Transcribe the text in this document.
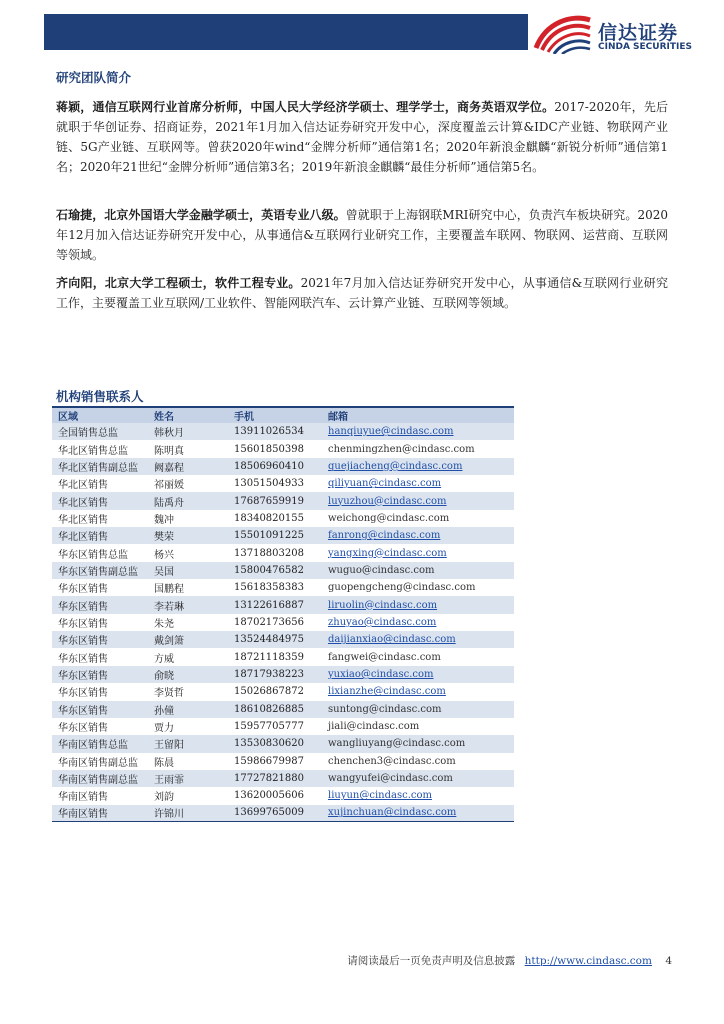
信达证券
CINDA SECURITIES
研究团队简介

蒋颖，通信互联网行业首席分析师，中国人民大学经济学硕士、理学学士，商务英语双学位。2017-2020年，先后就职于华创证券、招商证券，2021年1月加入信达证券研究开发中心，深度覆盖云计算&IDC产业链、物联网产业链、5G产业链、互联网等。曾获2020年wind“金牌分析师”通信第1名；2020年新浪金麒麟“新锐分析师”通信第1名；2020年21世纪“金牌分析师”通信第3名；2019年新浪金麒麟“最佳分析师”通信第5名。

石瑜捷，北京外国语大学金融学硕士，英语专业八级。曾就职于上海钢联MRI研究中心，负责汽车板块研究。2020年12月加入信达证券研究开发中心，从事通信&互联网行业研究工作，主要覆盖车联网、物联网、运营商、互联网等领域。

齐向阳，北京大学工程硕士，软件工程专业。2021年7月加入信达证券研究开发中心，从事通信&互联网行业研究工作，主要覆盖工业互联网/工业软件、智能网联汽车、云计算产业链、互联网等领域。

机构销售联系人
区域	姓名	手机	邮箱
全国销售总监	韩秋月	13911026534	hanqiuyue@cindasc.com
华北区销售总监	陈明真	15601850398	chenmingzhen@cindasc.com
华北区销售副总监	阙嘉程	18506960410	quejiacheng@cindasc.com
华北区销售	祁丽媛	13051504933	qiliyuan@cindasc.com
华北区销售	陆禹舟	17687659919	luyuzhou@cindasc.com
华北区销售	魏冲	18340820155	weichong@cindasc.com
华北区销售	樊荣	15501091225	fanrong@cindasc.com
华东区销售总监	杨兴	13718803208	yangxing@cindasc.com
华东区销售副总监	吴国	15800476582	wuguo@cindasc.com
华东区销售	国鹏程	15618358383	guopengcheng@cindasc.com
华东区销售	李若琳	13122616887	liruolin@cindasc.com
华东区销售	朱尧	18702173656	zhuyao@cindasc.com
华东区销售	戴剑箫	13524484975	daijianxiao@cindasc.com
华东区销售	方威	18721118359	fangwei@cindasc.com
华东区销售	俞晓	18717938223	yuxiao@cindasc.com
华东区销售	李贤哲	15026867872	lixianzhe@cindasc.com
华东区销售	孙僮	18610826885	suntong@cindasc.com
华东区销售	贾力	15957705777	jiali@cindasc.com
华南区销售总监	王留阳	13530830620	wangliuyang@cindasc.com
华南区销售副总监	陈晨	15986679987	chenchen3@cindasc.com
华南区销售副总监	王雨霏	17727821880	wangyufei@cindasc.com
华南区销售	刘韵	13620005606	liuyun@cindasc.com
华南区销售	许锦川	13699765009	xujinchuan@cindasc.com
请阅读最后一页免责声明及信息披露 http://www.cindasc.com 4
